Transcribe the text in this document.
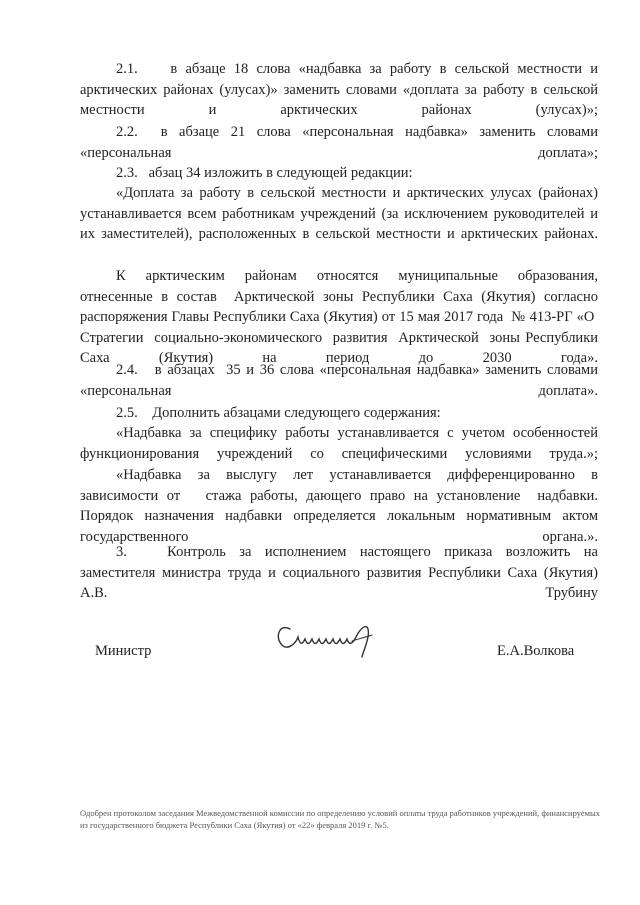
2.1.    в абзаце 18 слова «надбавка за работу в сельской местности и арктических районах (улусах)» заменить словами «доплата за работу в сельской местности и арктических районах (улусах)»;
2.2.  в абзаце 21 слова «персональная надбавка» заменить словами «персональная доплата»;
2.3.   абзац 34 изложить в следующей редакции:
«Доплата за работу в сельской местности и арктических улусах (районах) устанавливается всем работникам учреждений (за исключением руководителей и их заместителей), расположенных в сельской местности и арктических районах.
К   арктическим   районам   относятся   муниципальные   образования, отнесенные в состав  Арктической зоны Республики Саха (Якутия) согласно распоряжения Главы Республики Саха (Якутия) от 15 мая 2017 года  № 413-РГ «О  Стратегии  социально-экономического  развития  Арктической  зоны Республики Саха (Якутия) на период до 2030 года».
2.4.   в абзацах  35 и 36 слова «персональная надбавка» заменить словами «персональная доплата».
2.5.    Дополнить абзацами следующего содержания:
«Надбавка за специфику работы устанавливается с учетом особенностей функционирования учреждений со специфическими условиями труда.»;
«Надбавка  за  выслугу  лет  устанавливается  дифференцированно  в зависимости от   стажа работы, дающего право на установление  надбавки. Порядок назначения надбавки определяется локальным нормативным актом государственного органа.».
3.      Контроль  за  исполнением  настоящего  приказа  возложить  на заместителя министра труда и социального развития Республики Саха (Якутия) А.В. Трубину
Министр	Е.А.Волкова
Одобрен протоколом заседания Межведомственной комиссии по определению условий оплаты труда работников учреждений, финансируемых из государственного бюджета Республики Саха (Якутия) от «22» февраля 2019 г. №5.
